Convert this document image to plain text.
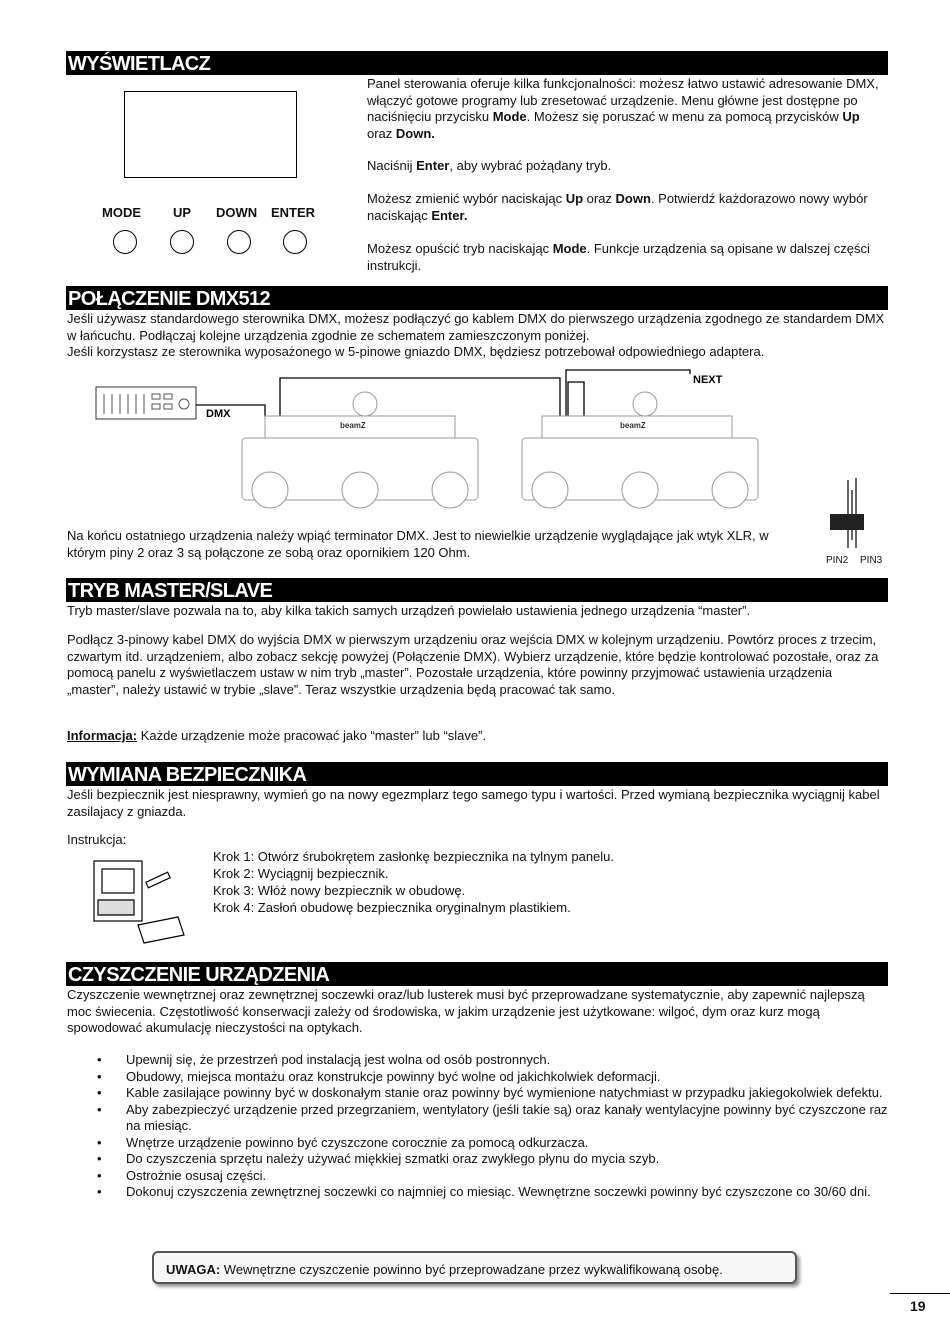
WYŚWIETLACZ
MODE UP DOWN ENTER

Panel sterowania oferuje kilka funkcjonalności: możesz łatwo ustawić adresowanie DMX, włączyć gotowe programy lub zresetować urządzenie. Menu główne jest dostępne po naciśnięciu przycisku Mode. Możesz się poruszać w menu za pomocą przycisków Up oraz Down.

Naciśnij Enter, aby wybrać pożądany tryb.

Możesz zmienić wybór naciskając Up oraz Down. Potwierdź każdorazowo nowy wybór naciskając Enter.

Możesz opuścić tryb naciskając Mode. Funkcje urządzenia są opisane w dalszej części instrukcji.

POŁĄCZENIE DMX512

Jeśli używasz standardowego sterownika DMX, możesz podłączyć go kablem DMX do pierwszego urządzenia zgodnego ze standardem DMX w łańcuchu. Podłączaj kolejne urządzenia zgodnie ze schematem zamieszczonym poniżej.

Jeśli korzystasz ze sterownika wyposażonego w 5-pinowe gniazdo DMX, będziesz potrzebował odpowiedniego adaptera.

DMX
NEXT
beamZ	beamZ

Na końcu ostatniego urządzenia należy wpiąć terminator DMX. Jest to niewielkie urządzenie wyglądające jak wtyk XLR, w którym piny 2 oraz 3 są połączone ze sobą oraz opornikiem 120 Ohm.

PIN2 PIN3
TRYB MASTER/SLAVE

Tryb master/slave pozwala na to, aby kilka takich samych urządzeń powielało ustawienia jednego urządzenia “master”.

Podłącz 3-pinowy kabel DMX do wyjścia DMX w pierwszym urządzeniu oraz wejścia DMX w kolejnym urządzeniu. Powtórz proces z trzecim, czwartym itd. urządzeniem, albo zobacz sekcję powyżej (Połączenie DMX). Wybierz urządzenie, które będzie kontrolować pozostałe, oraz za pomocą panelu z wyświetlaczem ustaw w nim tryb „master”. Pozostałe urządzenia, które powinny przyjmować ustawienia urządzenia „master”, należy ustawić w trybie „slave”. Teraz wszystkie urządzenia będą pracować tak samo.

Informacja: Każde urządzenie może pracować jako “master” lub “slave”.

WYMIANA BEZPIECZNIKA

Jeśli bezpiecznik jest niesprawny, wymień go na nowy egezmplarz tego samego typu i wartości. Przed wymianą bezpiecznika wyciągnij kabel zasilajacy z gniazda.

Instrukcja:

Krok 1: Otwórz śrubokrętem zasłonkę bezpiecznika na tylnym panelu.

Krok 2: Wyciągnij bezpiecznik.

Krok 3: Włóż nowy bezpiecznik w obudowę.

Krok 4: Zasłoń obudowę bezpiecznika oryginalnym plastikiem.

CZYSZCZENIE URZĄDZENIA

Czyszczenie wewnętrznej oraz zewnętrznej soczewki oraz/lub lusterek musi być przeprowadzane systematycznie, aby zapewnić najlepszą moc świecenia. Częstotliwość konserwacji zależy od środowiska, w jakim urządzenie jest użytkowane: wilgoć, dym oraz kurz mogą spowodować akumulację nieczystości na optykach.

• Upewnij się, że przestrzeń pod instalacją jest wolna od osób postronnych.
• Obudowy, miejsca montażu oraz konstrukcje powinny być wolne od jakichkolwiek deformacji.
• Kable zasilające powinny być w doskonałym stanie oraz powinny być wymienione natychmiast w przypadku jakiegokolwiek defektu.
• Aby zabezpieczyć urządzenie przed przegrzaniem, wentylatory (jeśli takie są) oraz kanały wentylacyjne powinny być czyszczone raz na miesiąc.
• Wnętrze urządzenie powinno być czyszczone corocznie za pomocą odkurzacza.
• Do czyszczenia sprzętu należy używać miękkiej szmatki oraz zwykłego płynu do mycia szyb.
• Ostrożnie osusaj części.
• Dokonuj czyszczenia zewnętrznej soczewki co najmniej co miesiąc. Wewnętrzne soczewki powinny być czyszczone co 30/60 dni.
UWAGA: Wewnętrzne czyszczenie powinno być przeprowadzane przez wykwalifikowaną osobę.
19
